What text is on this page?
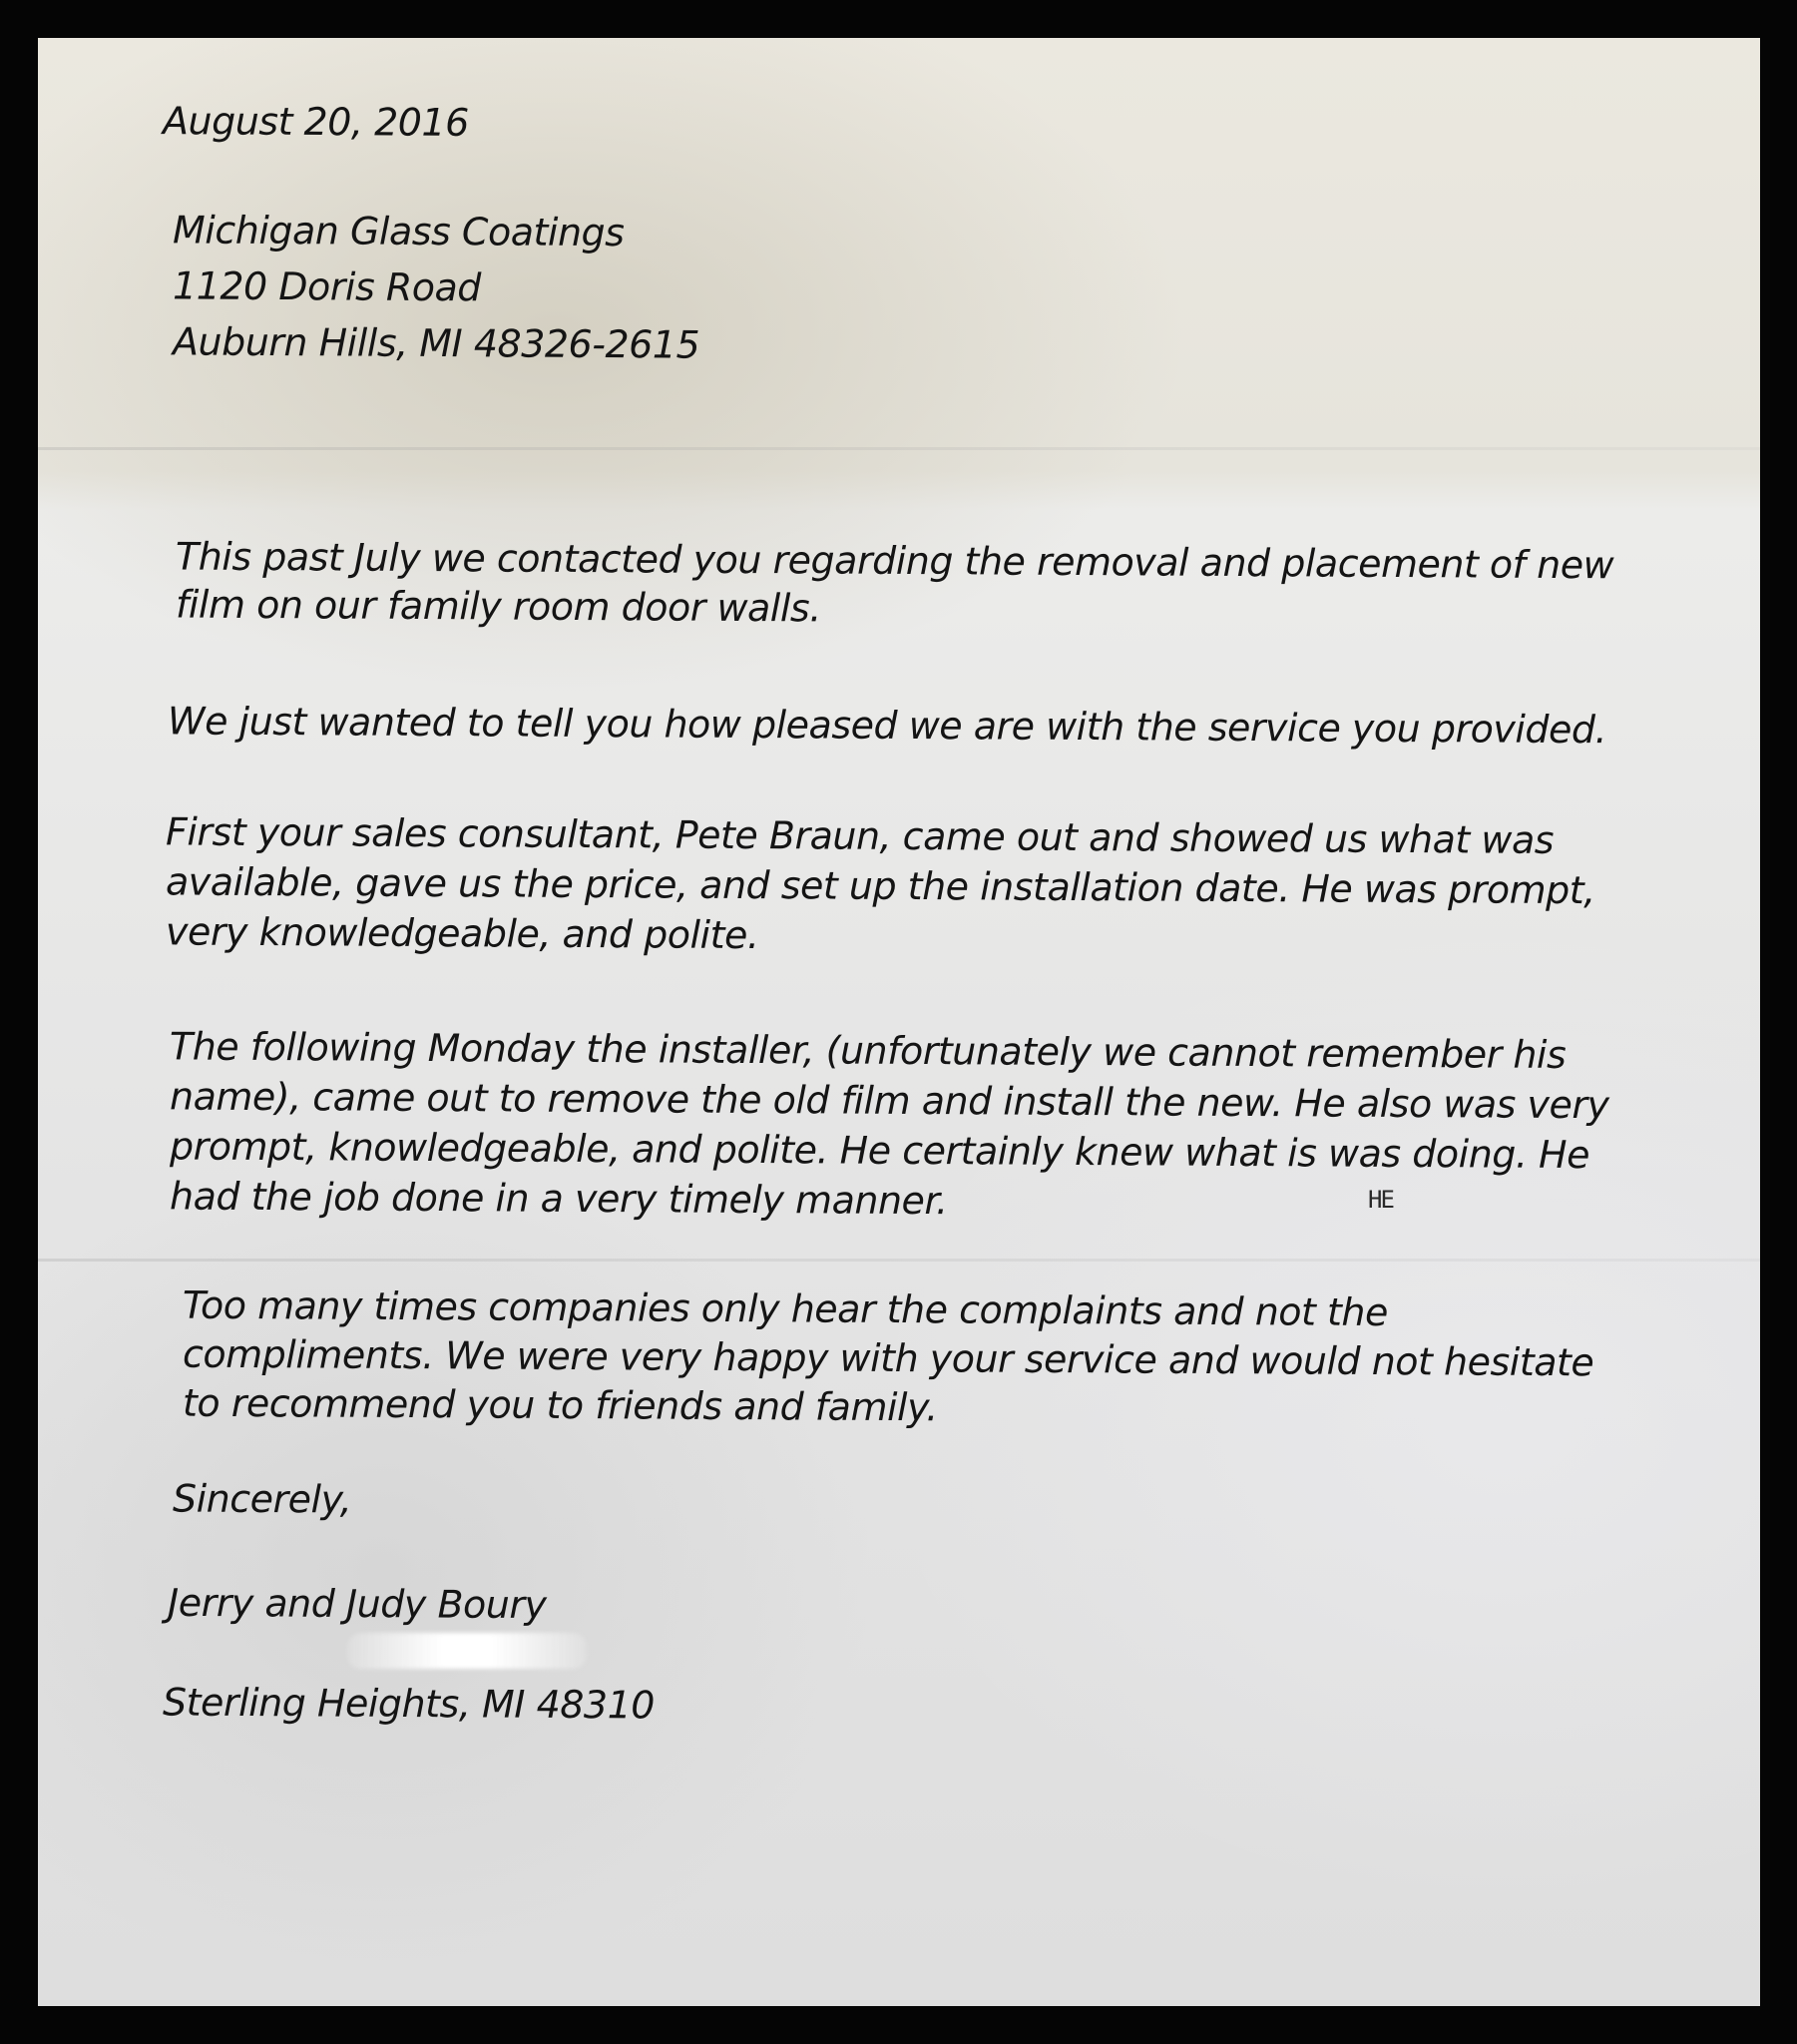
August 20, 2016
Michigan Glass Coatings
1120 Doris Road
Auburn Hills, MI 48326-2615
This past July we contacted you regarding the removal and placement of new film on our family room door walls.
We just wanted to tell you how pleased we are with the service you provided.
First your sales consultant, Pete Braun, came out and showed us what was available, gave us the price, and set up the installation date. He was prompt, very knowledgeable, and polite.
The following Monday the installer, (unfortunately we cannot remember his name), came out to remove the old film and install the new. He also was very prompt, knowledgeable, and polite. He certainly knew what is was doing. He had the job done in a very timely manner.	HE
Too many times companies only hear the complaints and not the compliments. We were very happy with your service and would not hesitate to recommend you to friends and family.
Sincerely,
Jerry and Judy Boury
Sterling Heights, MI 48310
